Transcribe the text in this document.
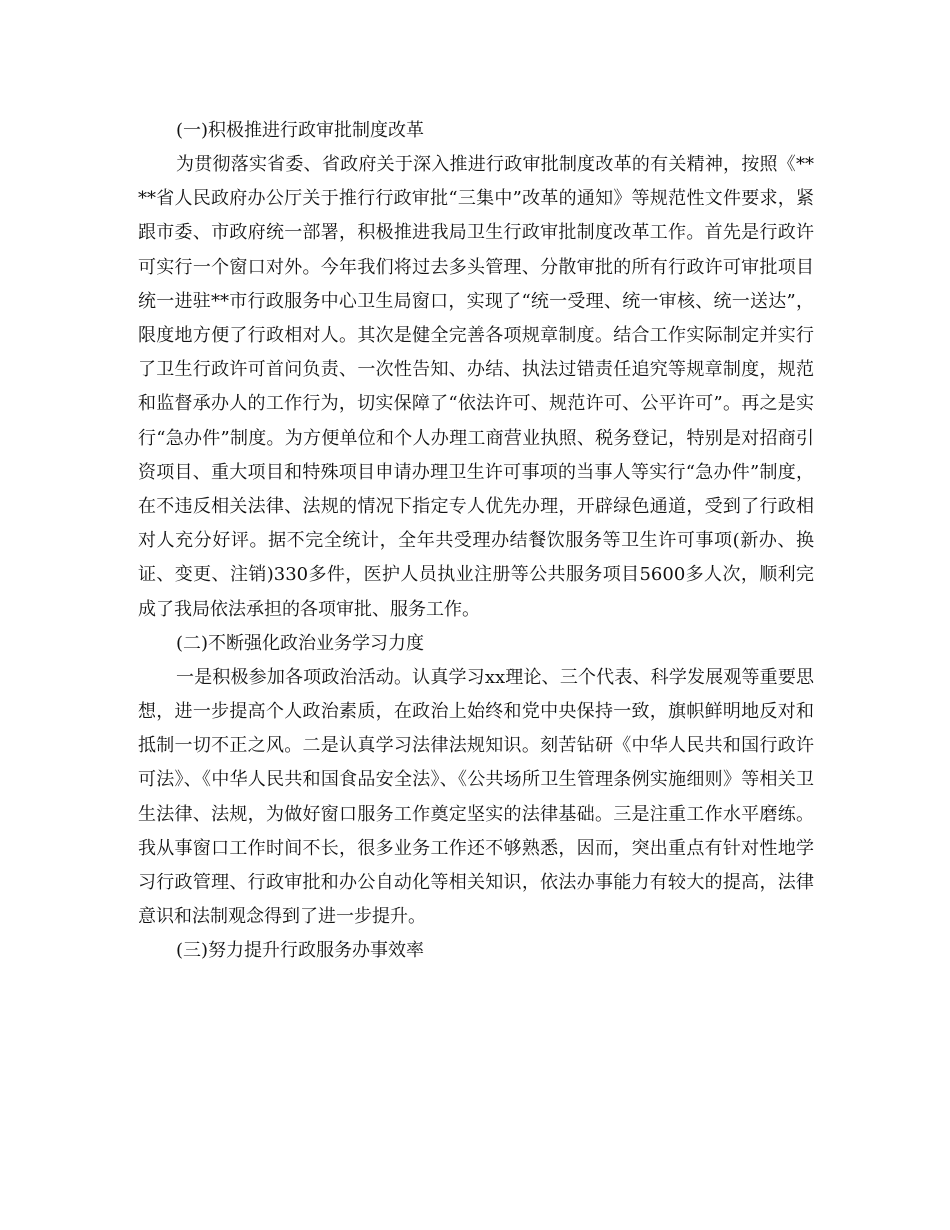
(一)积极推进行政审批制度改革

为贯彻落实省委、省政府关于深入推进行政审批制度改革的有关精神，按照《****省人民政府办公厅关于推行行政审批“三集中”改革的通知》等规范性文件要求，紧跟市委、市政府统一部署，积极推进我局卫生行政审批制度改革工作。首先是行政许可实行一个窗口对外。今年我们将过去多头管理、分散审批的所有行政许可审批项目统一进驻**市行政服务中心卫生局窗口，实现了“统一受理、统一审核、统一送达”，限度地方便了行政相对人。其次是健全完善各项规章制度。结合工作实际制定并实行了卫生行政许可首问负责、一次性告知、办结、执法过错责任追究等规章制度，规范和监督承办人的工作行为，切实保障了“依法许可、规范许可、公平许可”。再之是实行“急办件”制度。为方便单位和个人办理工商营业执照、税务登记，特别是对招商引资项目、重大项目和特殊项目申请办理卫生许可事项的当事人等实行“急办件”制度，在不违反相关法律、法规的情况下指定专人优先办理，开辟绿色通道，受到了行政相对人充分好评。据不完全统计，全年共受理办结餐饮服务等卫生许可事项(新办、换证、变更、注销)330多件，医护人员执业注册等公共服务项目5600多人次，顺利完成了我局依法承担的各项审批、服务工作。

(二)不断强化政治业务学习力度

一是积极参加各项政治活动。认真学习xx理论、三个代表、科学发展观等重要思想，进一步提高个人政治素质，在政治上始终和党中央保持一致，旗帜鲜明地反对和抵制一切不正之风。二是认真学习法律法规知识。刻苦钻研《中华人民共和国行政许可法》、《中华人民共和国食品安全法》、《公共场所卫生管理条例实施细则》等相关卫生法律、法规，为做好窗口服务工作奠定坚实的法律基础。三是注重工作水平磨练。我从事窗口工作时间不长，很多业务工作还不够熟悉，因而，突出重点有针对性地学习行政管理、行政审批和办公自动化等相关知识，依法办事能力有较大的提高，法律意识和法制观念得到了进一步提升。

(三)努力提升行政服务办事效率
